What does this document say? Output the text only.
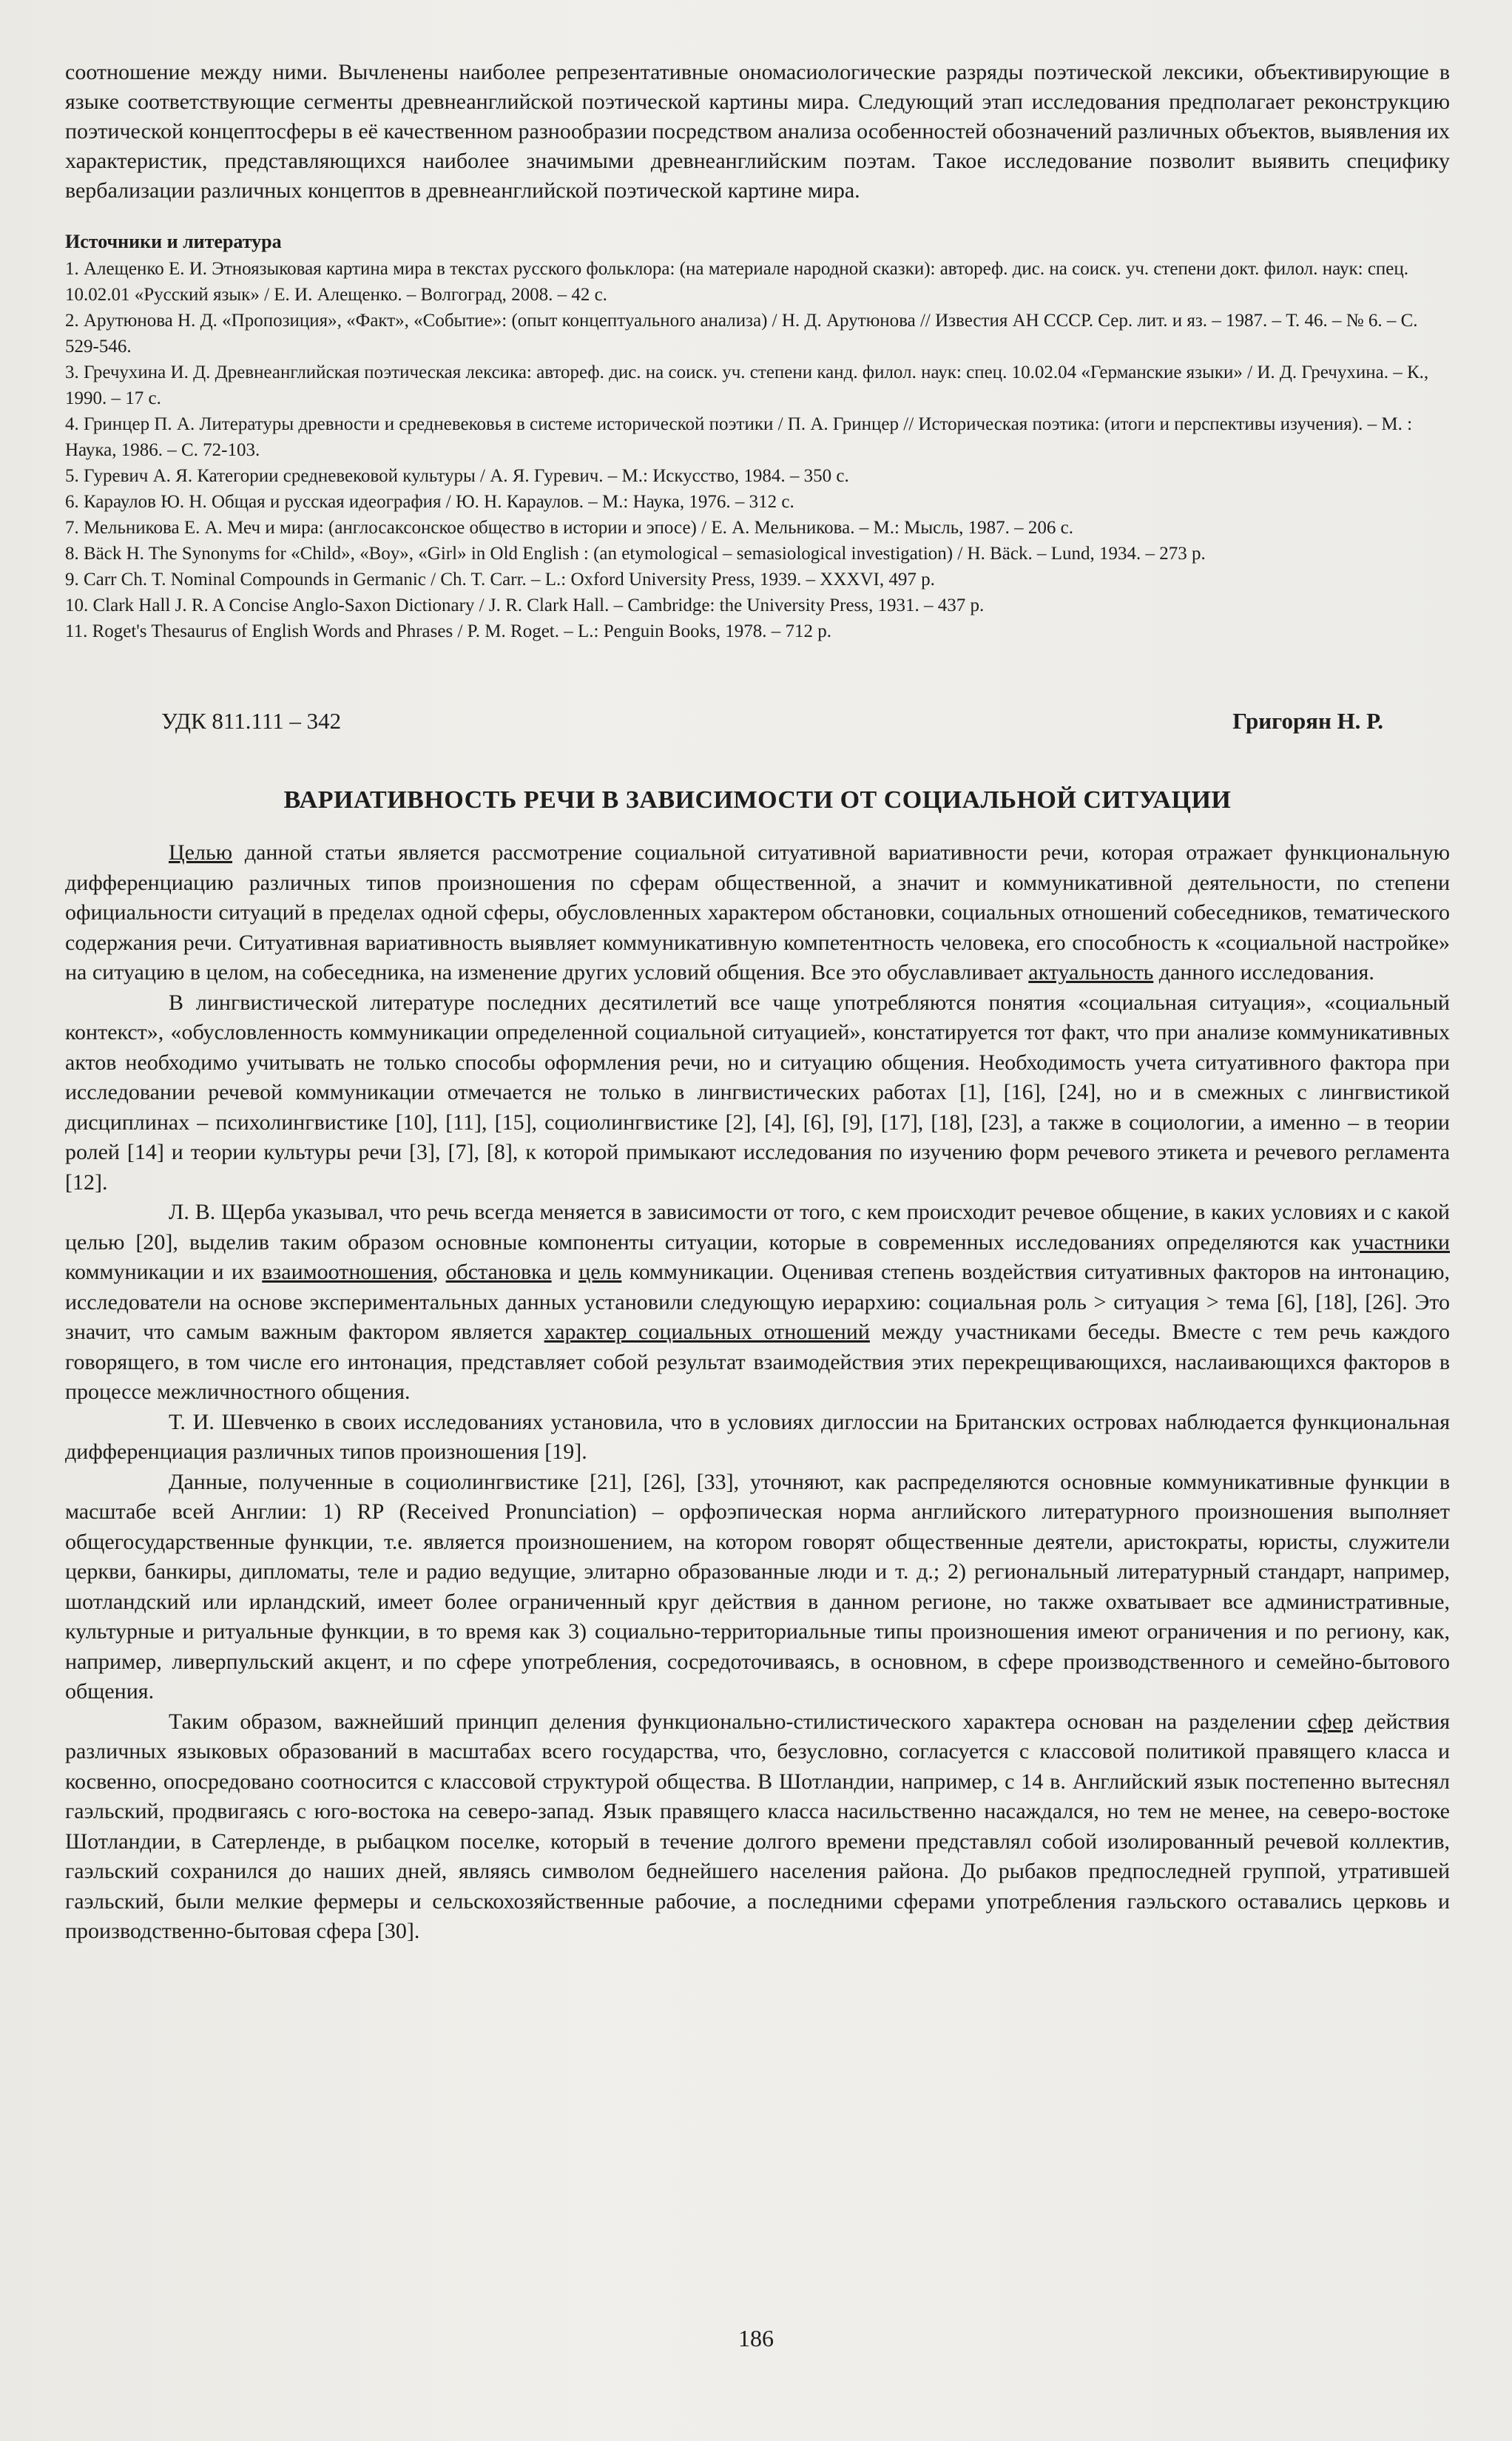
соотношение между ними. Вычленены наиболее репрезентативные ономасиологические разряды поэтической лексики, объективирующие в языке соответствующие сегменты древнеанглийской поэтической картины мира. Следующий этап исследования предполагает реконструкцию поэтической концептосферы в её качественном разнообразии посредством анализа особенностей обозначений различных объектов, выявления их характеристик, представляющихся наиболее значимыми древнеанглийским поэтам. Такое исследование позволит выявить специфику вербализации различных концептов в древнеанглийской поэтической картине мира.

Источники и литература
1. Алещенко Е. И. Этноязыковая картина мира в текстах русского фольклора: (на материале народной сказки): автореф. дис. на соиск. уч. степени докт. филол. наук: спец. 10.02.01 «Русский язык» / Е. И. Алещенко. – Волгоград, 2008. – 42 с.
2. Арутюнова Н. Д. «Пропозиция», «Факт», «Событие»: (опыт концептуального анализа) / Н. Д. Арутюнова // Известия АН СССР. Сер. лит. и яз. – 1987. – Т. 46. – № 6. – С. 529-546.
3. Гречухина И. Д. Древнеанглийская поэтическая лексика: автореф. дис. на соиск. уч. степени канд. филол. наук: спец. 10.02.04 «Германские языки» / И. Д. Гречухина. – К., 1990. – 17 с.
4. Гринцер П. А. Литературы древности и средневековья в системе исторической поэтики / П. А. Гринцер // Историческая поэтика: (итоги и перспективы изучения). – М. : Наука, 1986. – С. 72-103.
5. Гуревич А. Я. Категории средневековой культуры / А. Я. Гуревич. – М.: Искусство, 1984. – 350 с.
6. Караулов Ю. Н. Общая и русская идеография / Ю. Н. Караулов. – М.: Наука, 1976. – 312 с.
7. Мельникова Е. А. Меч и мира: (англосаксонское общество в истории и эпосе) / Е. А. Мельникова. – М.: Мысль, 1987. – 206 с.
8. Bäck H. The Synonyms for «Child», «Boy», «Girl» in Old English : (an etymological – semasiological investigation) / H. Bäck. – Lund, 1934. – 273 p.
9. Carr Ch. T. Nominal Compounds in Germanic / Ch. T. Carr. – L.: Oxford University Press, 1939. – XXXVI, 497 p.
10. Clark Hall J. R. A Concise Anglo-Saxon Dictionary / J. R. Clark Hall. – Cambridge: the University Press, 1931. – 437 p.
11. Roget's Thesaurus of English Words and Phrases / P. M. Roget. – L.: Penguin Books, 1978. – 712 p.
УДК 811.111 – 342	Григорян Н. Р.
ВАРИАТИВНОСТЬ РЕЧИ В ЗАВИСИМОСТИ ОТ СОЦИАЛЬНОЙ СИТУАЦИИ

Целью данной статьи является рассмотрение социальной ситуативной вариативности речи, которая отражает функциональную дифференциацию различных типов произношения по сферам общественной, а значит и коммуникативной деятельности, по степени официальности ситуаций в пределах одной сферы, обусловленных характером обстановки, социальных отношений собеседников, тематического содержания речи. Ситуативная вариативность выявляет коммуникативную компетентность человека, его способность к «социальной настройке» на ситуацию в целом, на собеседника, на изменение других условий общения. Все это обуславливает актуальность данного исследования.

В лингвистической литературе последних десятилетий все чаще употребляются понятия «социальная ситуация», «социальный контекст», «обусловленность коммуникации определенной социальной ситуацией», констатируется тот факт, что при анализе коммуникативных актов необходимо учитывать не только способы оформления речи, но и ситуацию общения. Необходимость учета ситуативного фактора при исследовании речевой коммуникации отмечается не только в лингвистических работах [1], [16], [24], но и в смежных с лингвистикой дисциплинах – психолингвистике [10], [11], [15], социолингвистике [2], [4], [6], [9], [17], [18], [23], а также в социологии, а именно – в теории ролей [14] и теории культуры речи [3], [7], [8], к которой примыкают исследования по изучению форм речевого этикета и речевого регламента [12].

Л. В. Щерба указывал, что речь всегда меняется в зависимости от того, с кем происходит речевое общение, в каких условиях и с какой целью [20], выделив таким образом основные компоненты ситуации, которые в современных исследованиях определяются как участники коммуникации и их взаимоотношения, обстановка и цель коммуникации. Оценивая степень воздействия ситуативных факторов на интонацию, исследователи на основе экспериментальных данных установили следующую иерархию: социальная роль > ситуация > тема [6], [18], [26]. Это значит, что самым важным фактором является характер социальных отношений между участниками беседы. Вместе с тем речь каждого говорящего, в том числе его интонация, представляет собой результат взаимодействия этих перекрещивающихся, наслаивающихся факторов в процессе межличностного общения.

Т. И. Шевченко в своих исследованиях установила, что в условиях диглоссии на Британских островах наблюдается функциональная дифференциация различных типов произношения [19].

Данные, полученные в социолингвистике [21], [26], [33], уточняют, как распределяются основные коммуникативные функции в масштабе всей Англии: 1) RP (Received Pronunciation) – орфоэпическая норма английского литературного произношения выполняет общегосударственные функции, т.е. является произношением, на котором говорят общественные деятели, аристократы, юристы, служители церкви, банкиры, дипломаты, теле и радио ведущие, элитарно образованные люди и т. д.; 2) региональный литературный стандарт, например, шотландский или ирландский, имеет более ограниченный круг действия в данном регионе, но также охватывает все административные, культурные и ритуальные функции, в то время как 3) социально-территориальные типы произношения имеют ограничения и по региону, как, например, ливерпульский акцент, и по сфере употребления, сосредоточиваясь, в основном, в сфере производственного и семейно-бытового общения.

Таким образом, важнейший принцип деления функционально-стилистического характера основан на разделении сфер действия различных языковых образований в масштабах всего государства, что, безусловно, согласуется с классовой политикой правящего класса и косвенно, опосредовано соотносится с классовой структурой общества. В Шотландии, например, с 14 в. Английский язык постепенно вытеснял гаэльский, продвигаясь с юго-востока на северо-запад. Язык правящего класса насильственно насаждался, но тем не менее, на северо-востоке Шотландии, в Сатерленде, в рыбацком поселке, который в течение долгого времени представлял собой изолированный речевой коллектив, гаэльский сохранился до наших дней, являясь символом беднейшего населения района. До рыбаков предпоследней группой, утратившей гаэльский, были мелкие фермеры и сельскохозяйственные рабочие, а последними сферами употребления гаэльского оставались церковь и производственно-бытовая сфера [30].

186
